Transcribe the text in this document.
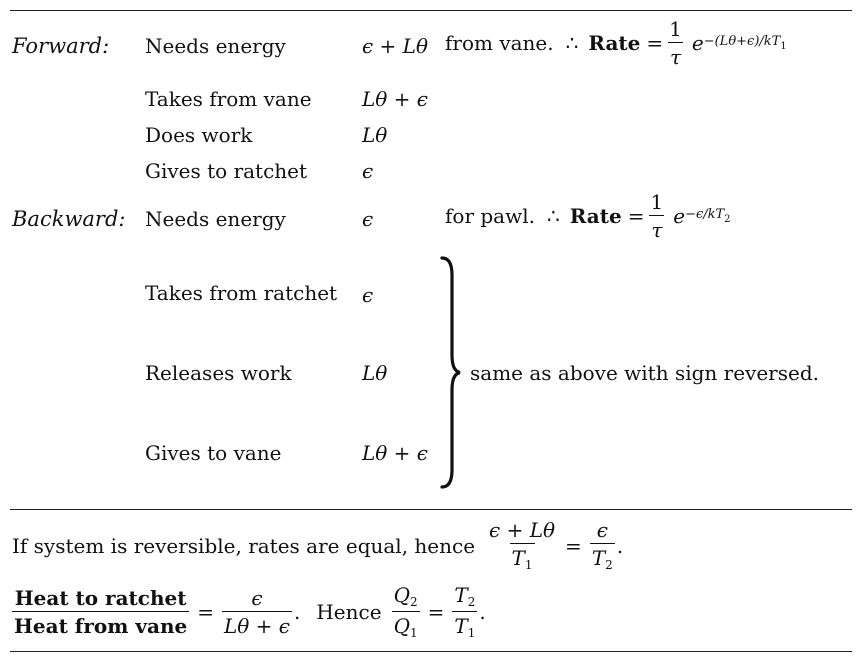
Forward: Needs energy	ϵ + Lθ from vane. ∴ Rate = $\frac{1}{\tau}$ $e -(L\theta+\epsilon)/kT_1$
Takes from vane	Lθ + ϵ
Does work	Lθ
Gives to ratchet	ϵ
Backward: Needs energy	ϵ	for pawl. ∴ Rate = $\frac{1}{\tau}$ $e -\epsilon/kT_2$
Takes from ratchet ϵ
Releases work	Lθ
Gives to vane	Lθ + ϵ
same as above with sign reversed.
If system is reversible, rates are equal, hence $\frac{\epsilon + L\theta}{T_1} = \frac{\epsilon}{T_2}$ .
$\frac{\text{Heat to ratchet}}{\text{Heat from vane}} = \frac{\epsilon}{L\theta + \epsilon}$ . Hence $\frac{Q_2}{Q_1} = \frac{T_2}{T_1}$ .
